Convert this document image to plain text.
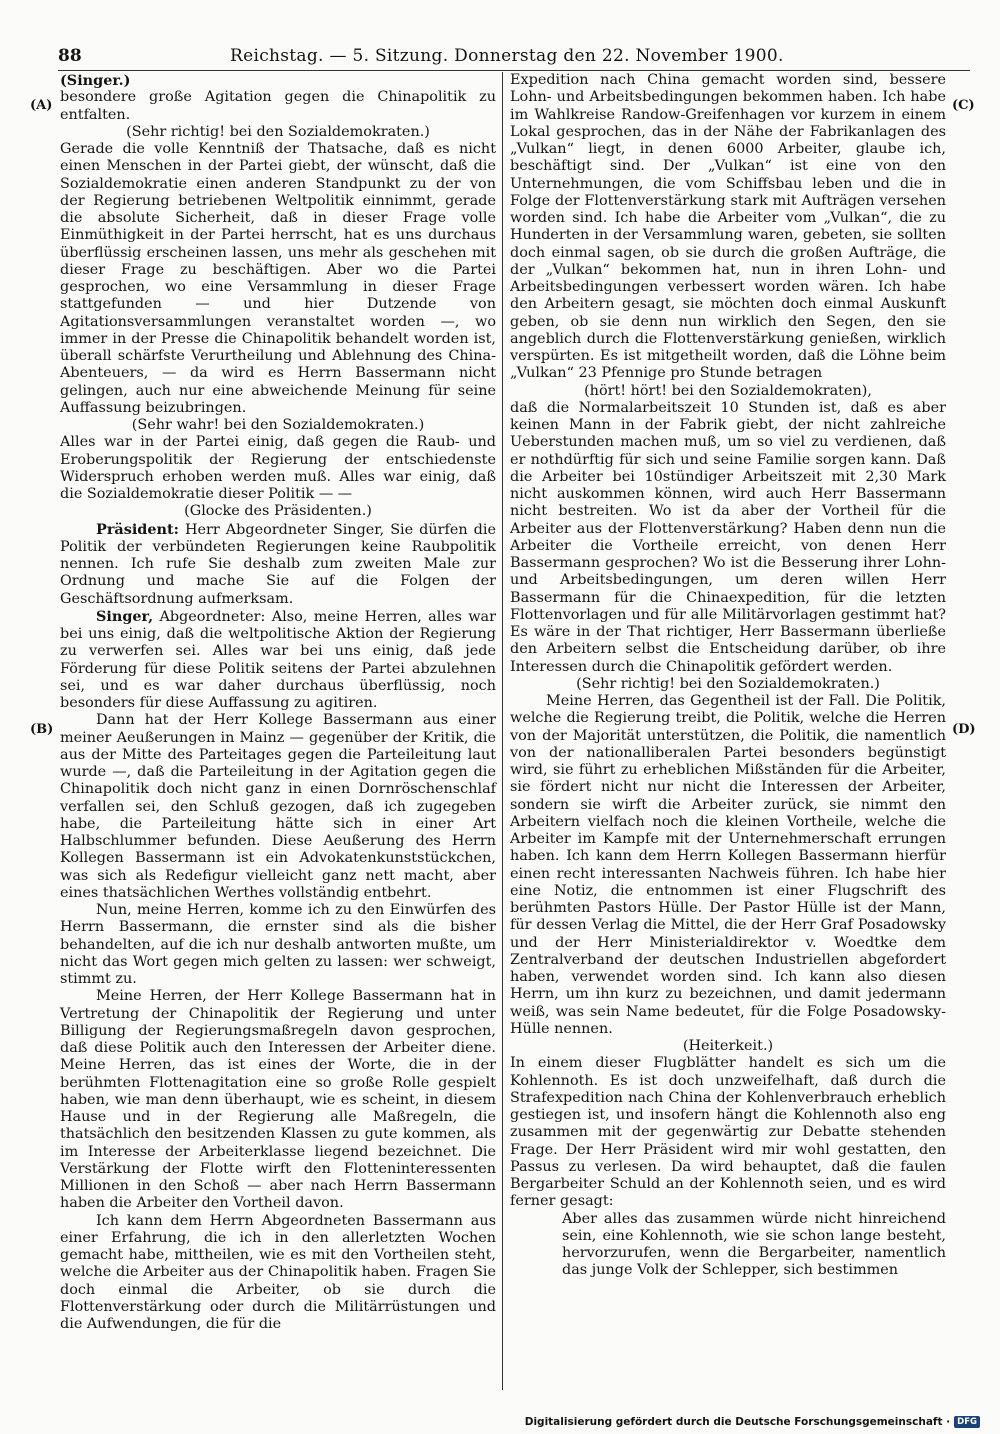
88	Reichstag. — 5. Sitzung. Donnerstag den 22. November 1900.
(A)
(B)
(C)
(D)

(Singer.)

besondere große Agitation gegen die Chinapolitik zu entfalten.

(Sehr richtig! bei den Sozialdemokraten.)

Gerade die volle Kenntniß der Thatsache, daß es nicht einen Menschen in der Partei giebt, der wünscht, daß die Sozialdemokratie einen anderen Standpunkt zu der von der Regierung betriebenen Weltpolitik einnimmt, gerade die absolute Sicherheit, daß in dieser Frage volle Einmüthigkeit in der Partei herrscht, hat es uns durchaus überflüssig erscheinen lassen, uns mehr als geschehen mit dieser Frage zu beschäftigen. Aber wo die Partei gesprochen, wo eine Versammlung in dieser Frage stattgefunden — und hier Dutzende von Agitationsversammlungen veranstaltet worden —, wo immer in der Presse die Chinapolitik behandelt worden ist, überall schärfste Verurtheilung und Ablehnung des China-Abenteuers, — da wird es Herrn Bassermann nicht gelingen, auch nur eine abweichende Meinung für seine Auffassung beizubringen.

(Sehr wahr! bei den Sozialdemokraten.)

Alles war in der Partei einig, daß gegen die Raub- und Eroberungspolitik der Regierung der entschiedenste Widerspruch erhoben werden muß. Alles war einig, daß die Sozialdemokratie dieser Politik — —

(Glocke des Präsidenten.)

Präsident: Herr Abgeordneter Singer, Sie dürfen die Politik der verbündeten Regierungen keine Raubpolitik nennen. Ich rufe Sie deshalb zum zweiten Male zur Ordnung und mache Sie auf die Folgen der Geschäftsordnung aufmerksam.

Singer, Abgeordneter: Also, meine Herren, alles war bei uns einig, daß die weltpolitische Aktion der Regierung zu verwerfen sei. Alles war bei uns einig, daß jede Förderung für diese Politik seitens der Partei abzulehnen sei, und es war daher durchaus überflüssig, noch besonders für diese Auffassung zu agitiren.

Dann hat der Herr Kollege Bassermann aus einer meiner Aeußerungen in Mainz — gegenüber der Kritik, die aus der Mitte des Parteitages gegen die Parteileitung laut wurde —, daß die Parteileitung in der Agitation gegen die Chinapolitik doch nicht ganz in einen Dornröschenschlaf verfallen sei, den Schluß gezogen, daß ich zugegeben habe, die Parteileitung hätte sich in einer Art Halbschlummer befunden. Diese Aeußerung des Herrn Kollegen Bassermann ist ein Advokatenkunststückchen, was sich als Redefigur vielleicht ganz nett macht, aber eines thatsächlichen Werthes vollständig entbehrt.

Nun, meine Herren, komme ich zu den Einwürfen des Herrn Bassermann, die ernster sind als die bisher behandelten, auf die ich nur deshalb antworten mußte, um nicht das Wort gegen mich gelten zu lassen: wer schweigt, stimmt zu.

Meine Herren, der Herr Kollege Bassermann hat in Vertretung der Chinapolitik der Regierung und unter Billigung der Regierungsmaßregeln davon gesprochen, daß diese Politik auch den Interessen der Arbeiter diene. Meine Herren, das ist eines der Worte, die in der berühmten Flottenagitation eine so große Rolle gespielt haben, wie man denn überhaupt, wie es scheint, in diesem Hause und in der Regierung alle Maßregeln, die thatsächlich den besitzenden Klassen zu gute kommen, als im Interesse der Arbeiterklasse liegend bezeichnet. Die Verstärkung der Flotte wirft den Flotteninteressenten Millionen in den Schoß — aber nach Herrn Bassermann haben die Arbeiter den Vortheil davon.

Ich kann dem Herrn Abgeordneten Bassermann aus einer Erfahrung, die ich in den allerletzten Wochen gemacht habe, mittheilen, wie es mit den Vortheilen steht, welche die Arbeiter aus der Chinapolitik haben. Fragen Sie doch einmal die Arbeiter, ob sie durch die Flottenverstärkung oder durch die Militärrüstungen und die Aufwendungen, die für die

Expedition nach China gemacht worden sind, bessere Lohn- und Arbeitsbedingungen bekommen haben. Ich habe im Wahlkreise Randow-Greifenhagen vor kurzem in einem Lokal gesprochen, das in der Nähe der Fabrikanlagen des „Vulkan“ liegt, in denen 6000 Arbeiter, glaube ich, beschäftigt sind. Der „Vulkan“ ist eine von den Unternehmungen, die vom Schiffsbau leben und die in Folge der Flottenverstärkung stark mit Aufträgen versehen worden sind. Ich habe die Arbeiter vom „Vulkan“, die zu Hunderten in der Versammlung waren, gebeten, sie sollten doch einmal sagen, ob sie durch die großen Aufträge, die der „Vulkan“ bekommen hat, nun in ihren Lohn- und Arbeitsbedingungen verbessert worden wären. Ich habe den Arbeitern gesagt, sie möchten doch einmal Auskunft geben, ob sie denn nun wirklich den Segen, den sie angeblich durch die Flottenverstärkung genießen, wirklich verspürten. Es ist mitgetheilt worden, daß die Löhne beim „Vulkan“ 23 Pfennige pro Stunde betragen

(hört! hört! bei den Sozialdemokraten),

daß die Normalarbeitszeit 10 Stunden ist, daß es aber keinen Mann in der Fabrik giebt, der nicht zahlreiche Ueberstunden machen muß, um so viel zu verdienen, daß er nothdürftig für sich und seine Familie sorgen kann. Daß die Arbeiter bei 10stündiger Arbeitszeit mit 2,30 Mark nicht auskommen können, wird auch Herr Bassermann nicht bestreiten. Wo ist da aber der Vortheil für die Arbeiter aus der Flottenverstärkung? Haben denn nun die Arbeiter die Vortheile erreicht, von denen Herr Bassermann gesprochen? Wo ist die Besserung ihrer Lohn- und Arbeitsbedingungen, um deren willen Herr Bassermann für die Chinaexpedition, für die letzten Flottenvorlagen und für alle Militärvorlagen gestimmt hat? Es wäre in der That richtiger, Herr Bassermann überließe den Arbeitern selbst die Entscheidung darüber, ob ihre Interessen durch die Chinapolitik gefördert werden.

(Sehr richtig! bei den Sozialdemokraten.)

Meine Herren, das Gegentheil ist der Fall. Die Politik, welche die Regierung treibt, die Politik, welche die Herren von der Majorität unterstützen, die Politik, die namentlich von der nationalliberalen Partei besonders begünstigt wird, sie führt zu erheblichen Mißständen für die Arbeiter, sie fördert nicht nur nicht die Interessen der Arbeiter, sondern sie wirft die Arbeiter zurück, sie nimmt den Arbeitern vielfach noch die kleinen Vortheile, welche die Arbeiter im Kampfe mit der Unternehmerschaft errungen haben. Ich kann dem Herrn Kollegen Bassermann hierfür einen recht interessanten Nachweis führen. Ich habe hier eine Notiz, die entnommen ist einer Flugschrift des berühmten Pastors Hülle. Der Pastor Hülle ist der Mann, für dessen Verlag die Mittel, die der Herr Graf Posadowsky und der Herr Ministerialdirektor v. Woedtke dem Zentralverband der deutschen Industriellen abgefordert haben, verwendet worden sind. Ich kann also diesen Herrn, um ihn kurz zu bezeichnen, und damit jedermann weiß, was sein Name bedeutet, für die Folge Posadowsky-Hülle nennen.

(Heiterkeit.)

In einem dieser Flugblätter handelt es sich um die Kohlennoth. Es ist doch unzweifelhaft, daß durch die Strafexpedition nach China der Kohlenverbrauch erheblich gestiegen ist, und insofern hängt die Kohlennoth also eng zusammen mit der gegenwärtig zur Debatte stehenden Frage. Der Herr Präsident wird mir wohl gestatten, den Passus zu verlesen. Da wird behauptet, daß die faulen Bergarbeiter Schuld an der Kohlennoth seien, und es wird ferner gesagt:

Aber alles das zusammen würde nicht hinreichend sein, eine Kohlennoth, wie sie schon lange besteht, hervorzurufen, wenn die Bergarbeiter, namentlich das junge Volk der Schlepper, sich bestimmen

Digitalisierung gefördert durch die Deutsche Forschungsgemeinschaft · DFG
